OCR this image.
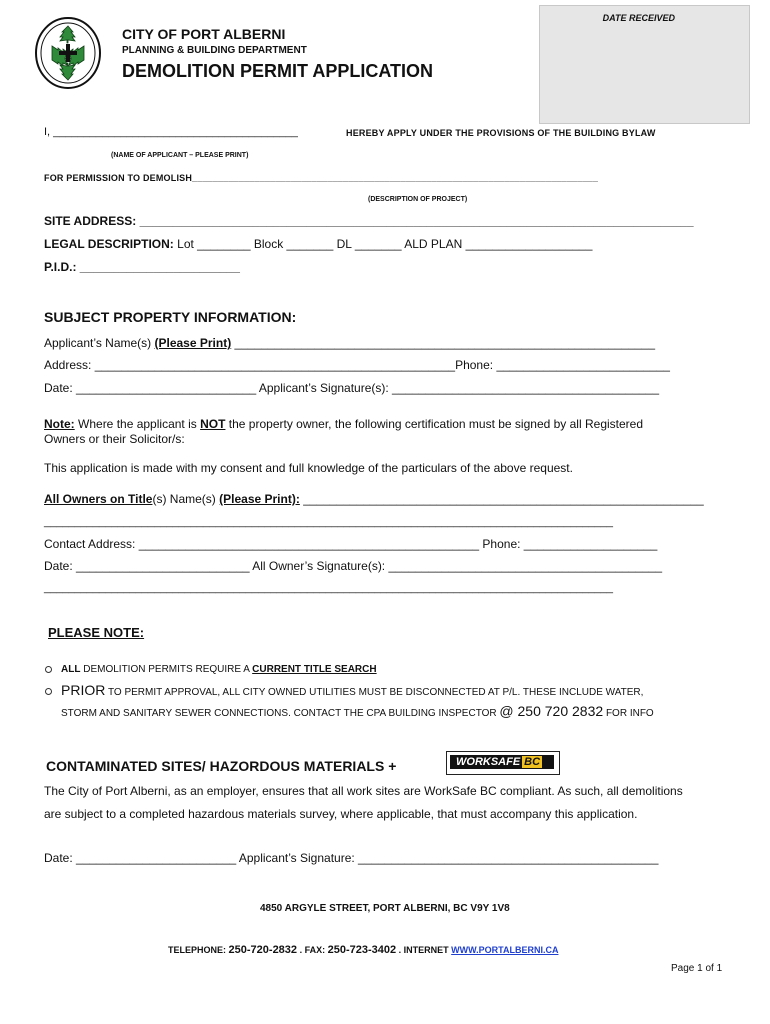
CITY OF PORT ALBERNI
PLANNING & BUILDING DEPARTMENT
DEMOLITION PERMIT APPLICATION
DATE RECEIVED
I, ________________________________________	HEREBY APPLY UNDER THE PROVISIONS OF THE BUILDING BYLAW
(NAME OF APPLICANT – PLEASE PRINT)
FOR PERMISSION TO DEMOLISH______________________________________________________________________________
(DESCRIPTION OF PROJECT)
SITE ADDRESS: ___________________________________________________________________________________
LEGAL DESCRIPTION: Lot ________ Block _______ DL _______ ALD PLAN ___________________
P.I.D.: ________________________
SUBJECT PROPERTY INFORMATION:
Applicant’s Name(s) (Please Print) _______________________________________________________________
Address: ______________________________________________________Phone: __________________________
Date: ___________________________ Applicant’s Signature(s): ________________________________________
Note: Where the applicant is NOT the property owner, the following certification must be signed by all Registered
Owners or their Solicitor/s:
This application is made with my consent and full knowledge of the particulars of the above request.
All Owners on Title(s) Name(s) (Please Print): ____________________________________________________________
_____________________________________________________________________________________________
Contact Address: ___________________________________________________ Phone: ____________________
Date: __________________________ All Owner’s Signature(s): _________________________________________
_____________________________________________________________________________________________
PLEASE NOTE:
ALL DEMOLITION PERMITS REQUIRE A CURRENT TITLE SEARCH
PRIOR TO PERMIT APPROVAL, ALL CITY OWNED UTILITIES MUST BE DISCONNECTED AT P/L. THESE INCLUDE WATER,
STORM AND SANITARY SEWER CONNECTIONS. CONTACT THE CPA BUILDING INSPECTOR @ 250 720 2832 FOR INFO
CONTAMINATED SITES/ HAZORDOUS MATERIALS +	WORKSAFE BC
The City of Port Alberni, as an employer, ensures that all work sites are WorkSafe BC compliant. As such, all demolitions
are subject to a completed hazardous materials survey, where applicable, that must accompany this application.
Date: ________________________ Applicant’s Signature: _____________________________________________
4850 ARGYLE STREET, PORT ALBERNI, BC V9Y 1V8
TELEPHONE: 250-720-2832 . FAX: 250-723-3402 . INTERNET WWW.PORTALBERNI.CA
Page 1 of 1
